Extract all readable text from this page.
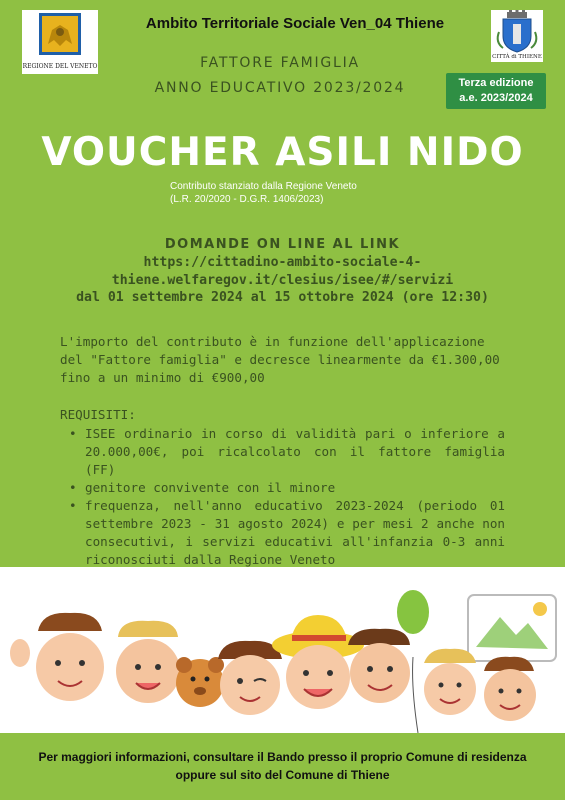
REGIONE DEL VENETO
Ambito Territoriale Sociale Ven_04 Thiene
CITTÀ di THIENE
FATTORE FAMIGLIA
ANNO EDUCATIVO 2023/2024	Terza edizione
a.e. 2023/2024
VOUCHER ASILI NIDO
Contributo stanziato dalla Regione Veneto
(L.R. 20/2020 - D.G.R. 1406/2023)
DOMANDE ON LINE AL LINK
https://cittadino-ambito-sociale-4-
thiene.welfaregov.it/clesius/isee/#/servizi
dal 01 settembre 2024 al 15 ottobre 2024 (ore 12:30)
L'importo del contributo è in funzione dell'applicazione del "Fattore famiglia" e decresce linearmente da €1.300,00 fino a un minimo di €900,00
REQUISITI:
• ISEE ordinario in corso di validità pari o inferiore a 20.000,00€, poi ricalcolato con il fattore famiglia (FF)
• genitore convivente con il minore
• frequenza, nell'anno educativo 2023-2024 (periodo 01 settembre 2023 - 31 agosto 2024) e per mesi 2 anche non consecutivi, i servizi educativi all'infanzia 0-3 anni riconosciuti dalla Regione Veneto
Per maggiori informazioni, consultare il Bando presso il proprio Comune di residenza
oppure sul sito del Comune di Thiene
